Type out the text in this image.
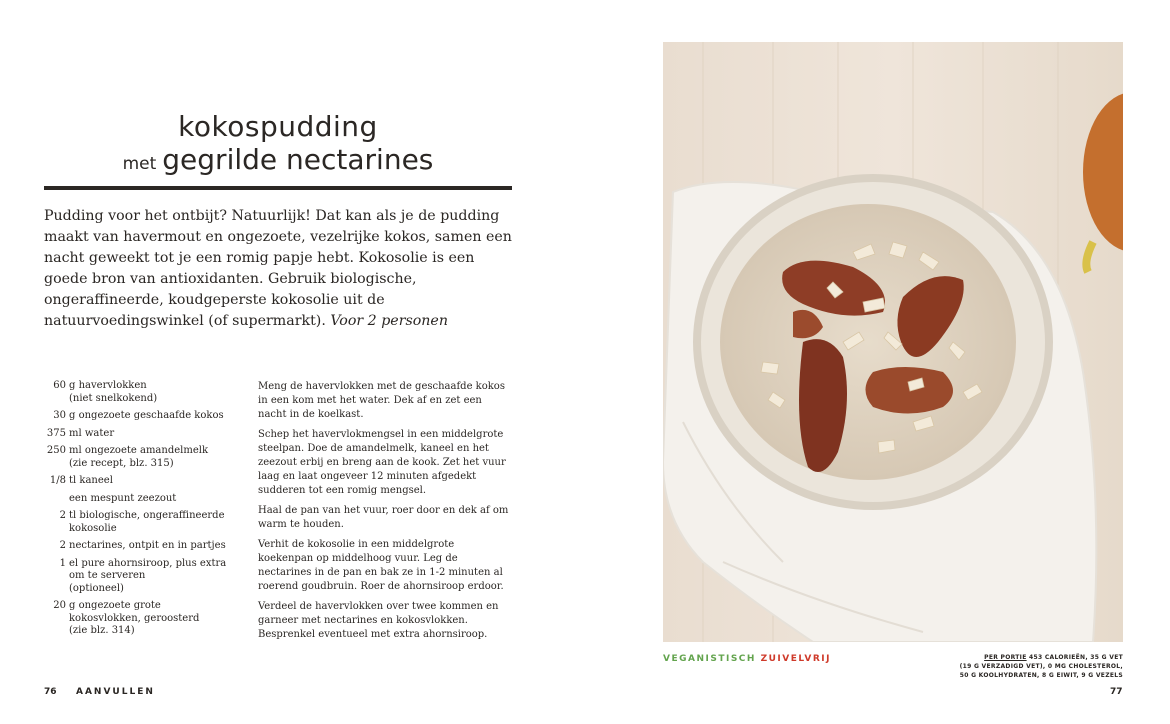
kokospudding
met gegrilde nectarines
Pudding voor het ontbijt? Natuurlijk! Dat kan als je de pudding maakt van havermout en ongezoete, vezelrijke kokos, samen een nacht geweekt tot je een romig papje hebt. Kokosolie is een goede bron van antioxidanten. Gebruik biologische, ongeraffineerde, koudgeperste kokosolie uit de natuurvoedingswinkel (of supermarkt). Voor 2 personen
60 g havervlokken
(niet snelkokend)
30 g ongezoete geschaafde kokos
375 ml water
250 ml ongezoete amandelmelk
(zie recept, blz. 315)
1/8 tl kaneel
een mespunt zeezout
2 tl biologische, ongeraffineerde kokosolie
2 nectarines, ontpit en in partjes
1 el pure ahornsiroop, plus extra om te serveren
(optioneel)
20 g ongezoete grote kokosvlokken, geroosterd
(zie blz. 314)

Meng de havervlokken met de geschaafde kokos in een kom met het water. Dek af en zet een nacht in de koelkast.

Schep het havervlokmengsel in een middelgrote steelpan. Doe de amandelmelk, kaneel en het zeezout erbij en breng aan de kook. Zet het vuur laag en laat ongeveer 12 minuten afgedekt sudderen tot een romig mengsel.

Haal de pan van het vuur, roer door en dek af om warm te houden.

Verhit de kokosolie in een middelgrote koekenpan op middelhoog vuur. Leg de nectarines in de pan en bak ze in 1-2 minuten al roerend goudbruin. Roer de ahornsiroop erdoor.

Verdeel de havervlokken over twee kommen en garneer met nectarines en kokosvlokken. Besprenkel eventueel met extra ahornsiroop.

VEGANISTISCH ZUIVELVRIJ	PER PORTIE 453 CALORIEËN, 35 G VET
(19 G VERZADIGD VET), 0 MG CHOLESTEROL,
50 G KOOLHYDRATEN, 8 G EIWIT, 9 G VEZELS
76 AANVULLEN	77
